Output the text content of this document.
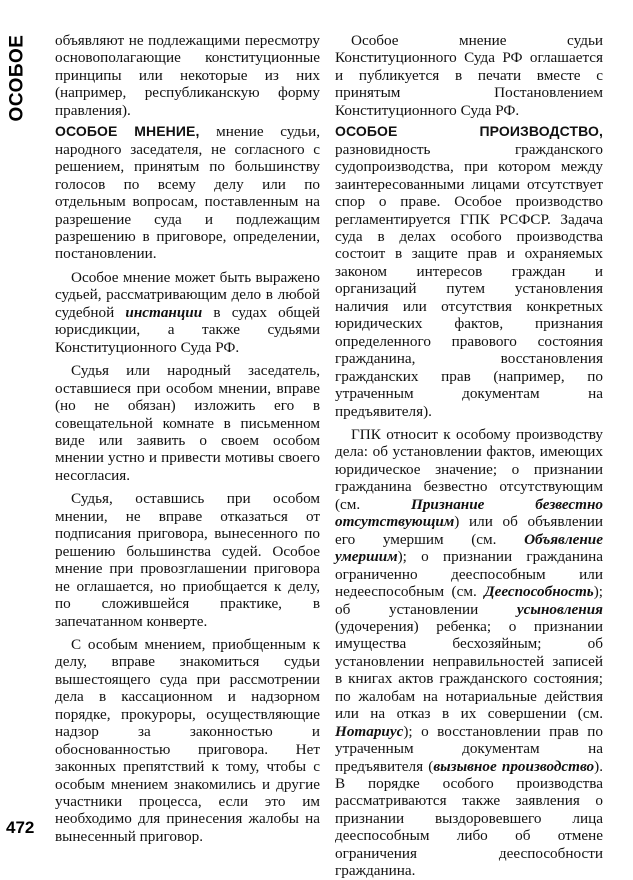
ОСОБОЕ
472

объявляют не подлежащими пересмотру основополагающие конституционные принципы или некоторые из них (например, республиканскую форму правления).

ОСОБОЕ МНЕНИЕ, мнение судьи, народного заседателя, не согласного с решением, принятым по большинству голосов по всему делу или по отдельным вопросам, поставленным на разрешение суда и подлежащим разрешению в приговоре, определении, постановлении.

Особое мнение может быть выражено судьей, рассматривающим дело в любой судебной инстанции в судах общей юрисдикции, а также судьями Конституционного Суда РФ.

Судья или народный заседатель, оставшиеся при особом мнении, вправе (но не обязан) изложить его в совещательной комнате в письменном виде или заявить о своем особом мнении устно и привести мотивы своего несогласия.

Судья, оставшись при особом мнении, не вправе отказаться от подписания приговора, вынесенного по решению большинства судей. Особое мнение при провозглашении приговора не оглашается, но приобщается к делу, по сложившейся практике, в запечатанном конверте.

С особым мнением, приобщенным к делу, вправе знакомиться судьи вышестоящего суда при рассмотрении дела в кассационном и надзорном порядке, прокуроры, осуществляющие надзор за законностью и обоснованностью приговора. Нет законных препятствий к тому, чтобы с особым мнением знакомились и другие участники процесса, если это им необходимо для принесения жалобы на вынесенный приговор.

Особое мнение судьи Конституционного Суда РФ оглашается и публикуется в печати вместе с принятым Постановлением Конституционного Суда РФ.

ОСОБОЕ ПРОИЗВОДСТВО, разновидность гражданского судопроизводства, при котором между заинтересованными лицами отсутствует спор о праве. Особое производство регламентируется ГПК РСФСР. Задача суда в делах особого производства состоит в защите прав и охраняемых законом интересов граждан и организаций путем установления наличия или отсутствия конкретных юридических фактов, признания определенного правового состояния гражданина, восстановления гражданских прав (например, по утраченным документам на предъявителя).

ГПК относит к особому производству дела: об установлении фактов, имеющих юридическое значение; о признании гражданина безвестно отсутствующим (см. Признание безвестно отсутствующим) или об объявлении его умершим (см. Объявление умершим); о признании гражданина ограниченно дееспособным или недееспособным (см. Дееспособность); об установлении усыновления (удочерения) ребенка; о признании имущества бесхозяйным; об установлении неправильностей записей в книгах актов гражданского состояния; по жалобам на нотариальные действия или на отказ в их совершении (см. Нотариус); о восстановлении прав по утраченным документам на предъявителя (вызывное производство). В порядке особого производства рассматриваются также заявления о признании выздоровевшего лица дееспособным либо об отмене ограничения дееспособности гражданина.
